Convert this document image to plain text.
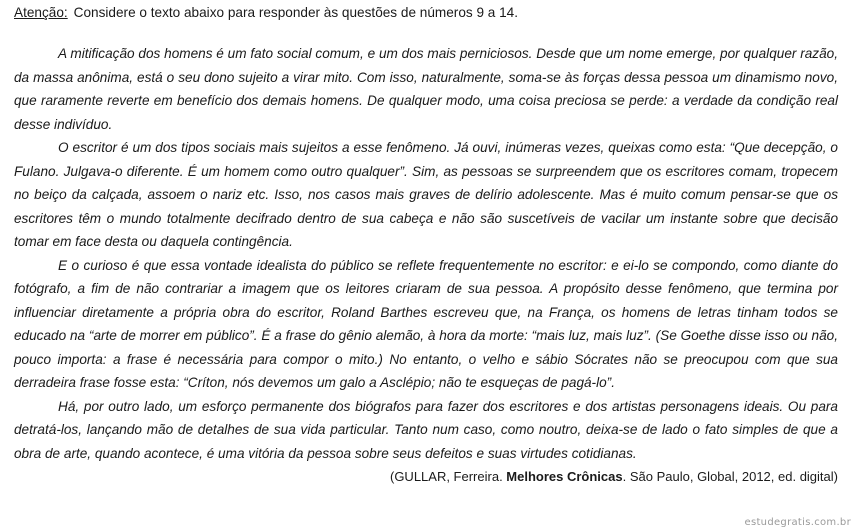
Atenção: Considere o texto abaixo para responder às questões de números 9 a 14.

A mitificação dos homens é um fato social comum, e um dos mais perniciosos. Desde que um nome emerge, por qualquer razão, da massa anônima, está o seu dono sujeito a virar mito. Com isso, naturalmente, soma-se às forças dessa pessoa um dinamismo novo, que raramente reverte em benefício dos demais homens. De qualquer modo, uma coisa preciosa se perde: a verdade da condição real desse indivíduo.

O escritor é um dos tipos sociais mais sujeitos a esse fenômeno. Já ouvi, inúmeras vezes, queixas como esta: “Que decepção, o Fulano. Julgava-o diferente. É um homem como outro qualquer”. Sim, as pessoas se surpreendem que os escritores comam, tropecem no beiço da calçada, assoem o nariz etc. Isso, nos casos mais graves de delírio adolescente. Mas é muito comum pensar-se que os escritores têm o mundo totalmente decifrado dentro de sua cabeça e não são suscetíveis de vacilar um instante sobre que decisão tomar em face desta ou daquela contingência.

E o curioso é que essa vontade idealista do público se reflete frequentemente no escritor: e ei-lo se compondo, como diante do fotógrafo, a fim de não contrariar a imagem que os leitores criaram de sua pessoa. A propósito desse fenômeno, que termina por influenciar diretamente a própria obra do escritor, Roland Barthes escreveu que, na França, os homens de letras tinham todos se educado na “arte de morrer em público”. É a frase do gênio alemão, à hora da morte: “mais luz, mais luz”. (Se Goethe disse isso ou não, pouco importa: a frase é necessária para compor o mito.) No entanto, o velho e sábio Sócrates não se preocupou com que sua derradeira frase fosse esta: “Críton, nós devemos um galo a Asclépio; não te esqueças de pagá-lo”.

Há, por outro lado, um esforço permanente dos biógrafos para fazer dos escritores e dos artistas personagens ideais. Ou para detratá-los, lançando mão de detalhes de sua vida particular. Tanto num caso, como noutro, deixa-se de lado o fato simples de que a obra de arte, quando acontece, é uma vitória da pessoa sobre seus defeitos e suas virtudes cotidianas.

(GULLAR, Ferreira. Melhores Crônicas. São Paulo, Global, 2012, ed. digital)
estudegratis.com.br
